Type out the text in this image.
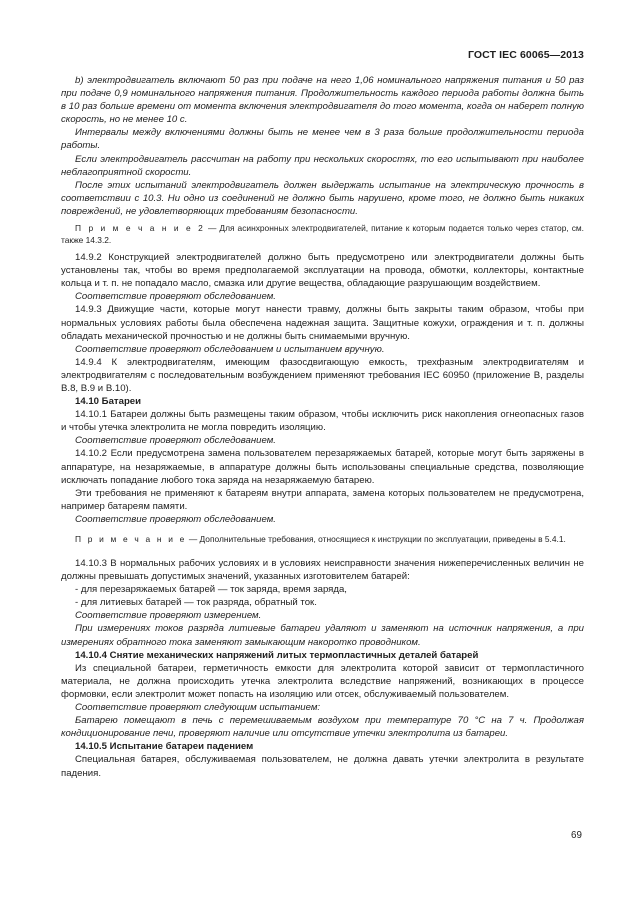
ГОСТ IEC 60065—2013

b) электродвигатель включают 50 раз при подаче на него 1,06 номинального напряжения питания и 50 раз при подаче 0,9 номинального напряжения питания. Продолжительность каждого периода работы должна быть в 10 раз больше времени от момента включения электродвигателя до того момента, когда он наберет полную скорость, но не менее 10 с.

Интервалы между включениями должны быть не менее чем в 3 раза больше продолжительности периода работы.

Если электродвигатель рассчитан на работу при нескольких скоростях, то его испытывают при наиболее неблагоприятной скорости.

После этих испытаний электродвигатель должен выдержать испытание на электрическую прочность в соответствии с 10.3. Ни одно из соединений не должно быть нарушено, кроме того, не должно быть никаких повреждений, не удовлетворяющих требованиям безопасности.

П р и м е ч а н и е 2 — Для асинхронных электродвигателей, питание к которым подается только через статор, см. также 14.3.2.

14.9.2 Конструкцией электродвигателей должно быть предусмотрено или электродвигатели должны быть установлены так, чтобы во время предполагаемой эксплуатации на провода, обмотки, коллекторы, контактные кольца и т. п. не попадало масло, смазка или другие вещества, обладающие разрушающим воздействием.

Соответствие проверяют обследованием.

14.9.3 Движущие части, которые могут нанести травму, должны быть закрыты таким образом, чтобы при нормальных условиях работы была обеспечена надежная защита. Защитные кожухи, ограждения и т. п. должны обладать механической прочностью и не должны быть снимаемыми вручную.

Соответствие проверяют обследованием и испытанием вручную.

14.9.4 К электродвигателям, имеющим фазосдвигающую емкость, трехфазным электродвигателям и электродвигателям с последовательным возбуждением применяют требования IEC 60950 (приложение В, разделы В.8, В.9 и В.10).

14.10 Батареи

14.10.1 Батареи должны быть размещены таким образом, чтобы исключить риск накопления огнеопасных газов и чтобы утечка электролита не могла повредить изоляцию.

Соответствие проверяют обследованием.

14.10.2 Если предусмотрена замена пользователем перезаряжаемых батарей, которые могут быть заряжены в аппаратуре, на незаряжаемые, в аппаратуре должны быть использованы специальные средства, позволяющие исключать попадание любого тока заряда на незаряжаемую батарею.

Эти требования не применяют к батареям внутри аппарата, замена которых пользователем не предусмотрена, например батареям памяти.

Соответствие проверяют обследованием.

П р и м е ч а н и е — Дополнительные требования, относящиеся к инструкции по эксплуатации, приведены в 5.4.1.

14.10.3 В нормальных рабочих условиях и в условиях неисправности значения нижеперечисленных величин не должны превышать допустимых значений, указанных изготовителем батарей:

- для перезаряжаемых батарей — ток заряда, время заряда,

- для литиевых батарей — ток разряда, обратный ток.

Соответствие проверяют измерением.

При измерениях токов разряда литиевые батареи удаляют и заменяют на источник напряжения, а при измерениях обратного тока заменяют замыкающим накоротко проводником.

14.10.4 Снятие механических напряжений литых термопластичных деталей батарей

Из специальной батареи, герметичность емкости для электролита которой зависит от термопластичного материала, не должна происходить утечка электролита вследствие напряжений, возникающих в процессе формовки, если электролит может попасть на изоляцию или отсек, обслуживаемый пользователем.

Соответствие проверяют следующим испытанием:

Батарею помещают в печь с перемешиваемым воздухом при температуре 70 °С на 7 ч. Продолжая кондиционирование печи, проверяют наличие или отсутствие утечки электролита из батареи.

14.10.5 Испытание батареи падением

Специальная батарея, обслуживаемая пользователем, не должна давать утечки электролита в результате падения.

69
